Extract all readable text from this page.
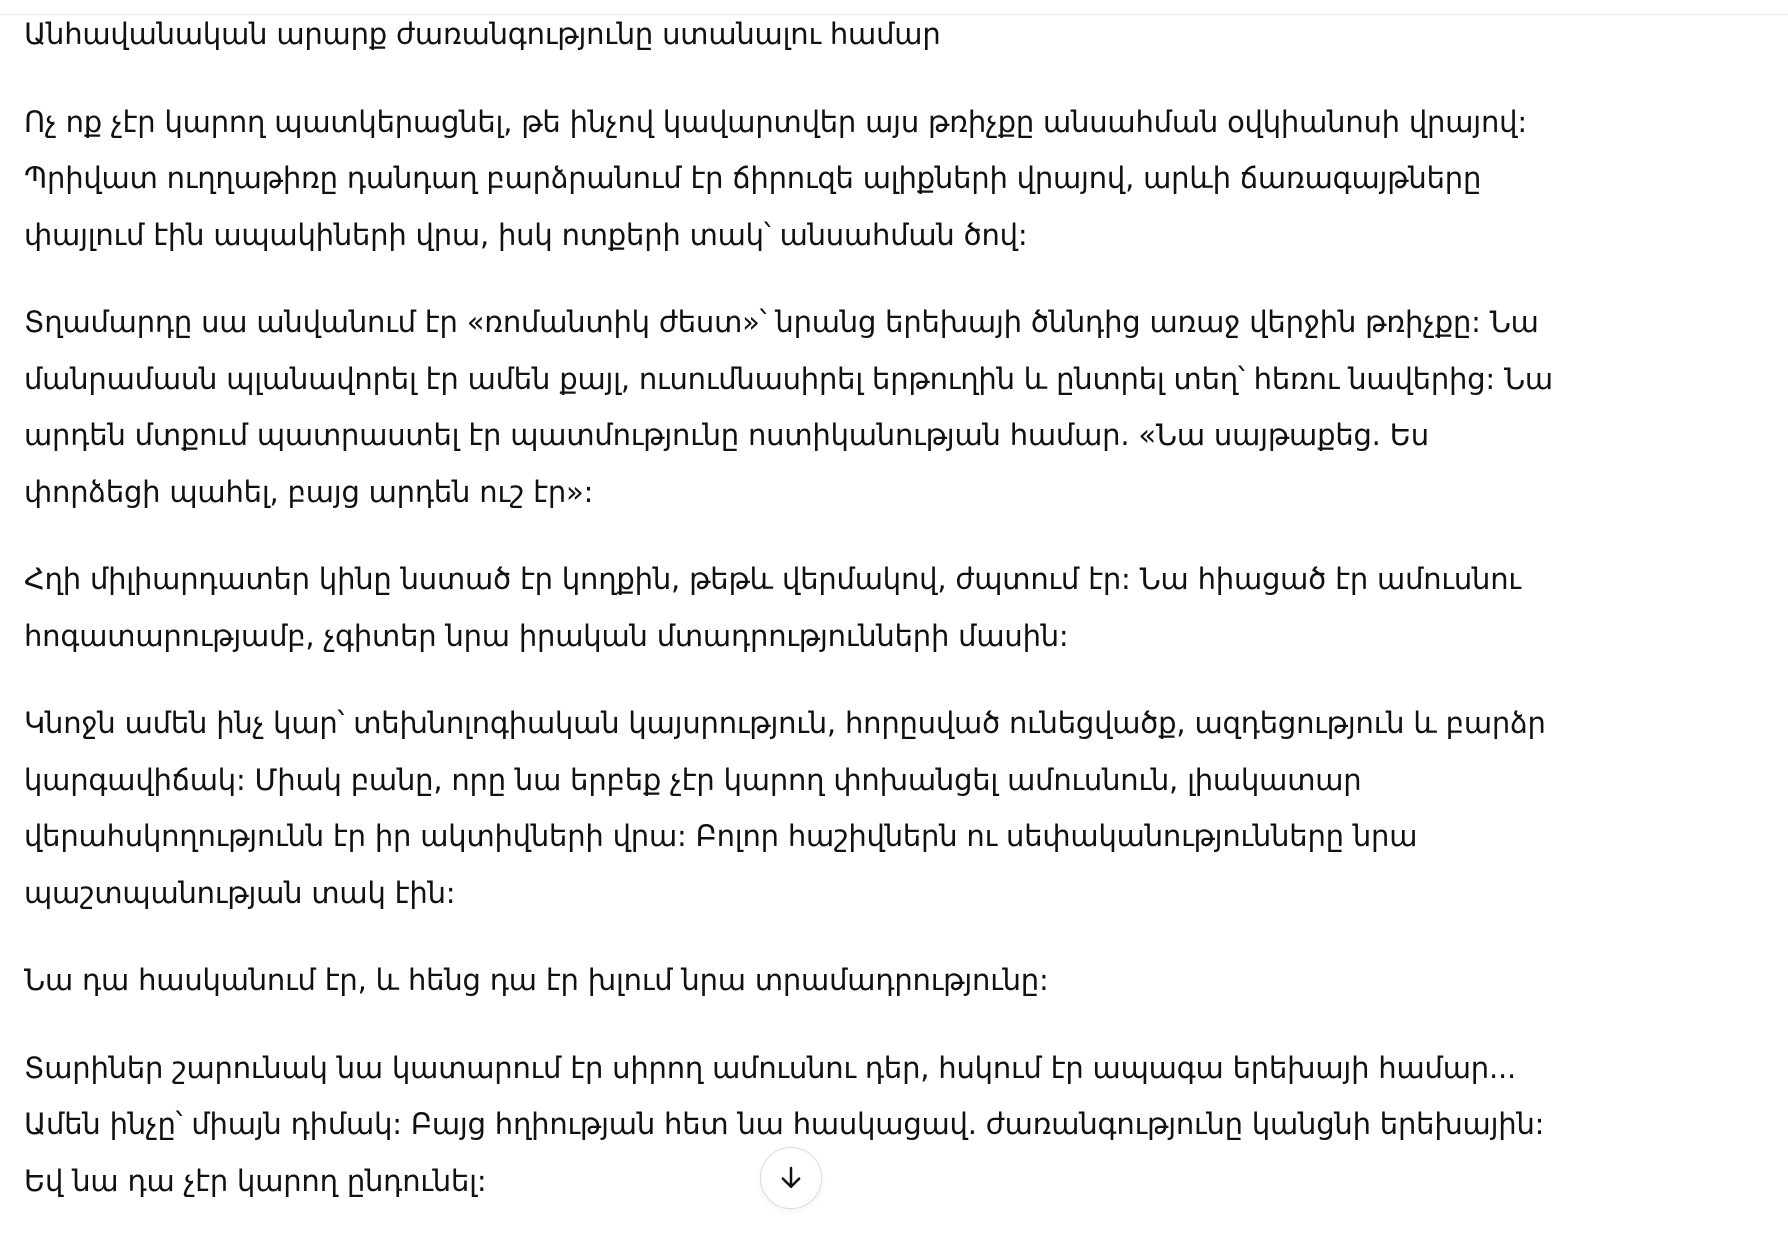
Անհավանական արարք ժառանգությունը ստանալու համար

Ոչ ոք չէր կարող պատկերացնել, թե ինչով կավարտվեր այս թռիչքը անսահման օվկիանոսի վրայով:
Պրիվատ ուղղաթիռը դանդաղ բարձրանում էր ճիրուզե ալիքների վրայով, արևի ճառագայթները
փայլում էին ապակիների վրա, իսկ ոտքերի տակ՝ անսահման ծով:

Տղամարդը սա անվանում էր «ռոմանտիկ ժեստ»՝ նրանց երեխայի ծննդից առաջ վերջին թռիչքը: Նա
մանրամասն պլանավորել էր ամեն քայլ, ուսումնասիրել երթուղին և ընտրել տեղ՝ հեռու նավերից: Նա
արդեն մտքում պատրաստել էր պատմությունը ոստիկանության համար. «Նա սայթաքեց. Ես
փորձեցի պահել, բայց արդեն ուշ էր»:

Հղի միլիարդատեր կինը նստած էր կողքին, թեթև վերմակով, ժպտում էր: Նա հիացած էր ամուսնու
հոգատարությամբ, չգիտեր նրա իրական մտադրությունների մասին:

Կնոջն ամեն ինչ կար՝ տեխնոլոգիական կայսրություն, հորըսված ունեցվածք, ազդեցություն և բարձր
կարգավիճակ: Միակ բանը, որը նա երբեք չէր կարող փոխանցել ամուսնուն, լիակատար
վերահսկողությունն էր իր ակտիվների վրա: Բոլոր հաշիվներն ու սեփականությունները նրա
պաշտպանության տակ էին:

Նա դա հասկանում էր, և հենց դա էր խլում նրա տրամադրությունը:

Տարիներ շարունակ նա կատարում էր սիրող ամուսնու դեր, հսկում էր ապագա երեխայի համար...
Ամեն ինչը՝ միայն դիմակ: Բայց հղիության հետ նա հասկացավ. ժառանգությունը կանցնի երեխային:
Եվ նա դա չէր կարող ընդունել:
